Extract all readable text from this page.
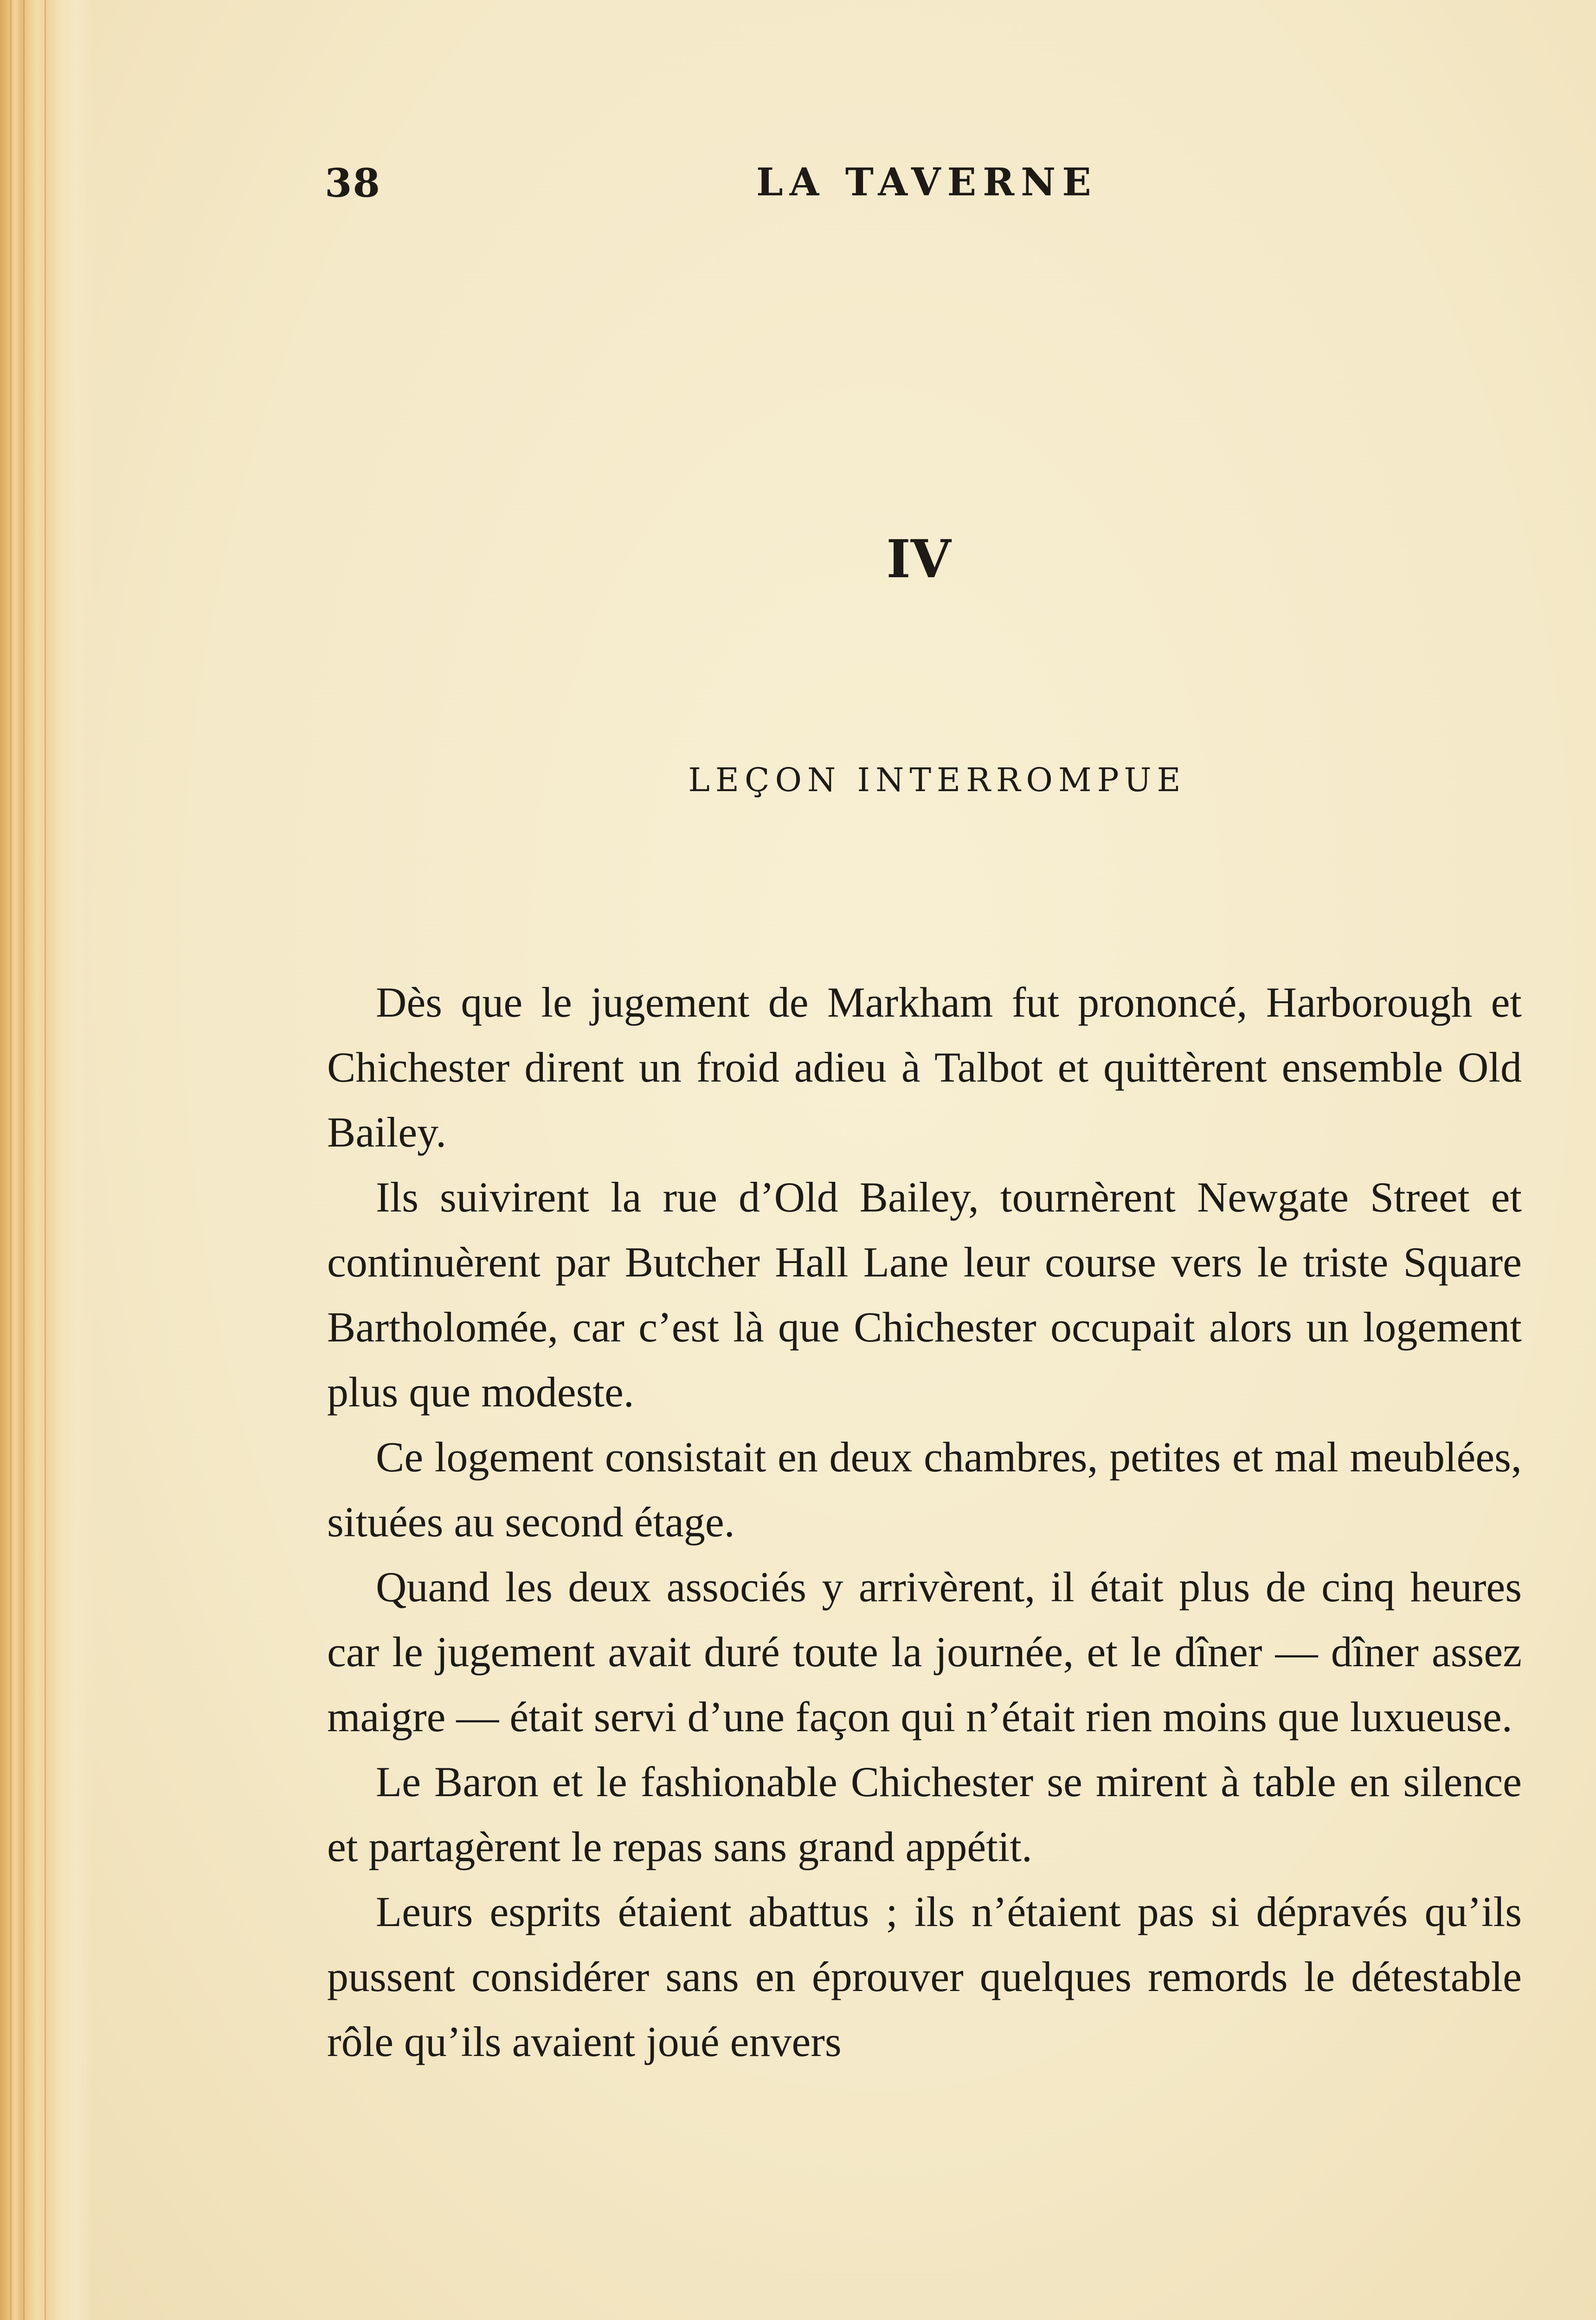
38	LA TAVERNE
IV
LEÇON INTERROMPUE

Dès que le jugement de Markham fut prononcé, Harborough et Chichester dirent un froid adieu à Talbot et quittèrent ensemble Old Bailey.

Ils suivirent la rue d’Old Bailey, tournèrent Newgate Street et continuèrent par Butcher Hall Lane leur course vers le triste Square Bartholomée, car c’est là que Chichester occupait alors un logement plus que modeste.

Ce logement consistait en deux chambres, petites et mal meublées, situées au second étage.

Quand les deux associés y arrivèrent, il était plus de cinq heures car le jugement avait duré toute la journée, et le dîner — dîner assez maigre — était servi d’une façon qui n’était rien moins que luxueuse.

Le Baron et le fashionable Chichester se mirent à table en silence et partagèrent le repas sans grand appétit.

Leurs esprits étaient abattus ; ils n’étaient pas si dépravés qu’ils pussent considérer sans en éprouver quelques remords le détestable rôle qu’ils avaient joué envers
